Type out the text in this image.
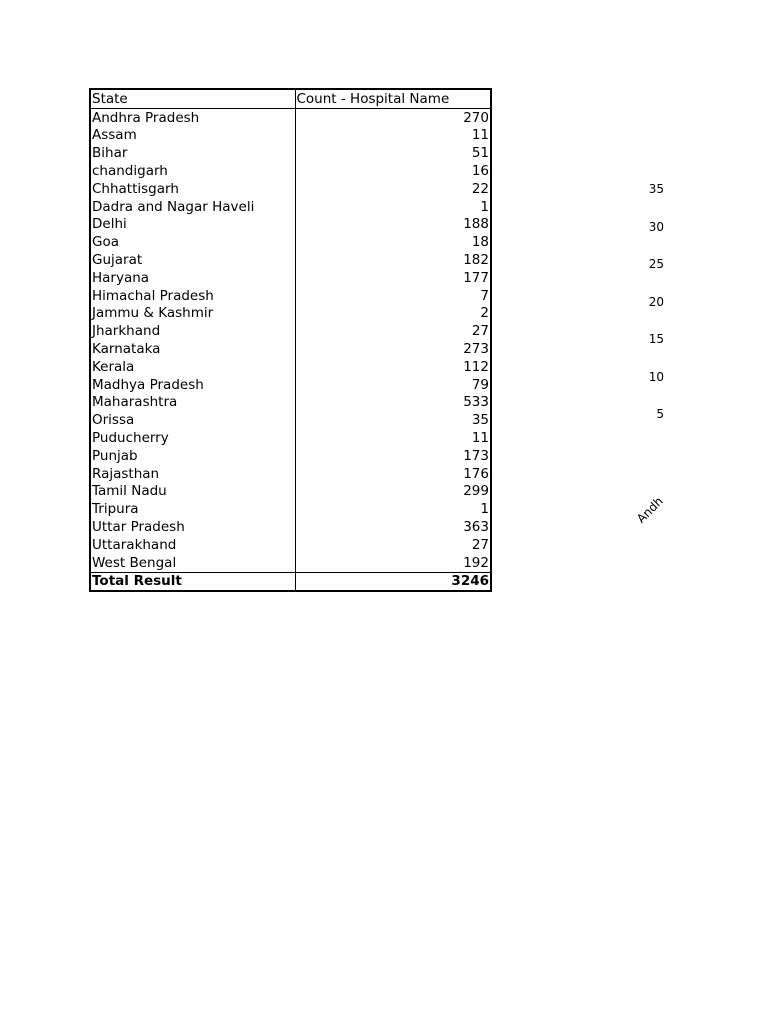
State	Count - Hospital Name
Andhra Pradesh	270
Assam	11
Bihar	51
chandigarh	16
Chhattisgarh	22
Dadra and Nagar Haveli	1
Delhi	188
Goa	18
Gujarat	182
Haryana	177
Himachal Pradesh	7
Jammu & Kashmir	2
Jharkhand	27
Karnataka	273
Kerala	112
Madhya Pradesh	79
Maharashtra	533
Orissa	35
Puducherry	11
Punjab	173
Rajasthan	176
Tamil Nadu	299
Tripura	1
Uttar Pradesh	363
Uttarakhand	27
West Bengal	192
Total Result	3246
35
30
25
20
15
10
5
Andh
